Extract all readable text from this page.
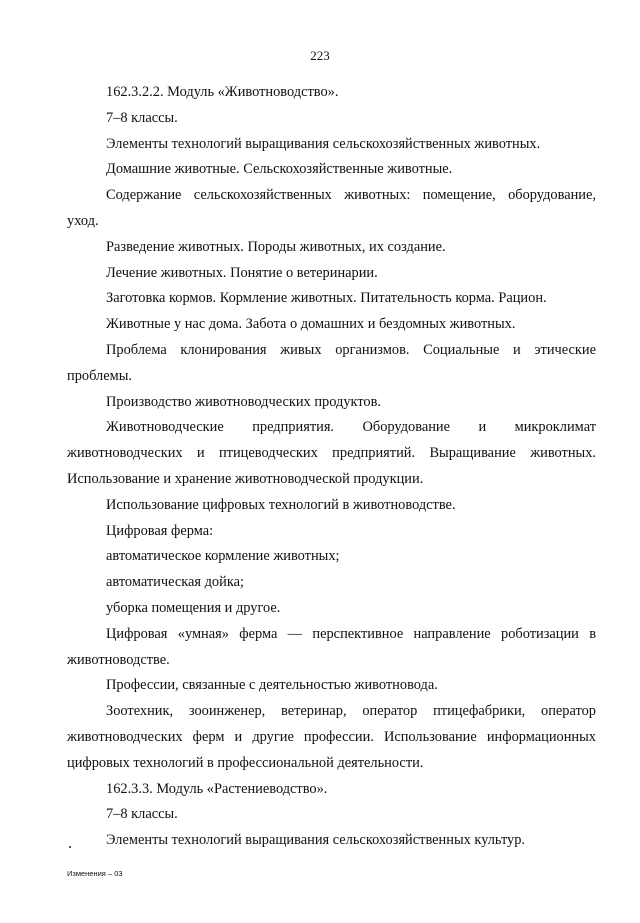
223

162.3.2.2. Модуль «Животноводство».

7–8 классы.

Элементы технологий выращивания сельскохозяйственных животных.

Домашние животные. Сельскохозяйственные животные.

Содержание сельскохозяйственных животных: помещение, оборудование, уход.

Разведение животных. Породы животных, их создание.

Лечение животных. Понятие о ветеринарии.

Заготовка кормов. Кормление животных. Питательность корма. Рацион.

Животные у нас дома. Забота о домашних и бездомных животных.

Проблема клонирования живых организмов. Социальные и этические проблемы.

Производство животноводческих продуктов.

Животноводческие предприятия. Оборудование и микроклимат животноводческих и птицеводческих предприятий. Выращивание животных. Использование и хранение животноводческой продукции.

Использование цифровых технологий в животноводстве.

Цифровая ферма:

автоматическое кормление животных;

автоматическая дойка;

уборка помещения и другое.

Цифровая «умная» ферма — перспективное направление роботизации в животноводстве.

Профессии, связанные с деятельностью животновода.

Зоотехник, зооинженер, ветеринар, оператор птицефабрики, оператор животноводческих ферм и другие профессии. Использование информационных цифровых технологий в профессиональной деятельности.

162.3.3. Модуль «Растениеводство».

7–8 классы.

Элементы технологий выращивания сельскохозяйственных культур.

Изменения – 03
